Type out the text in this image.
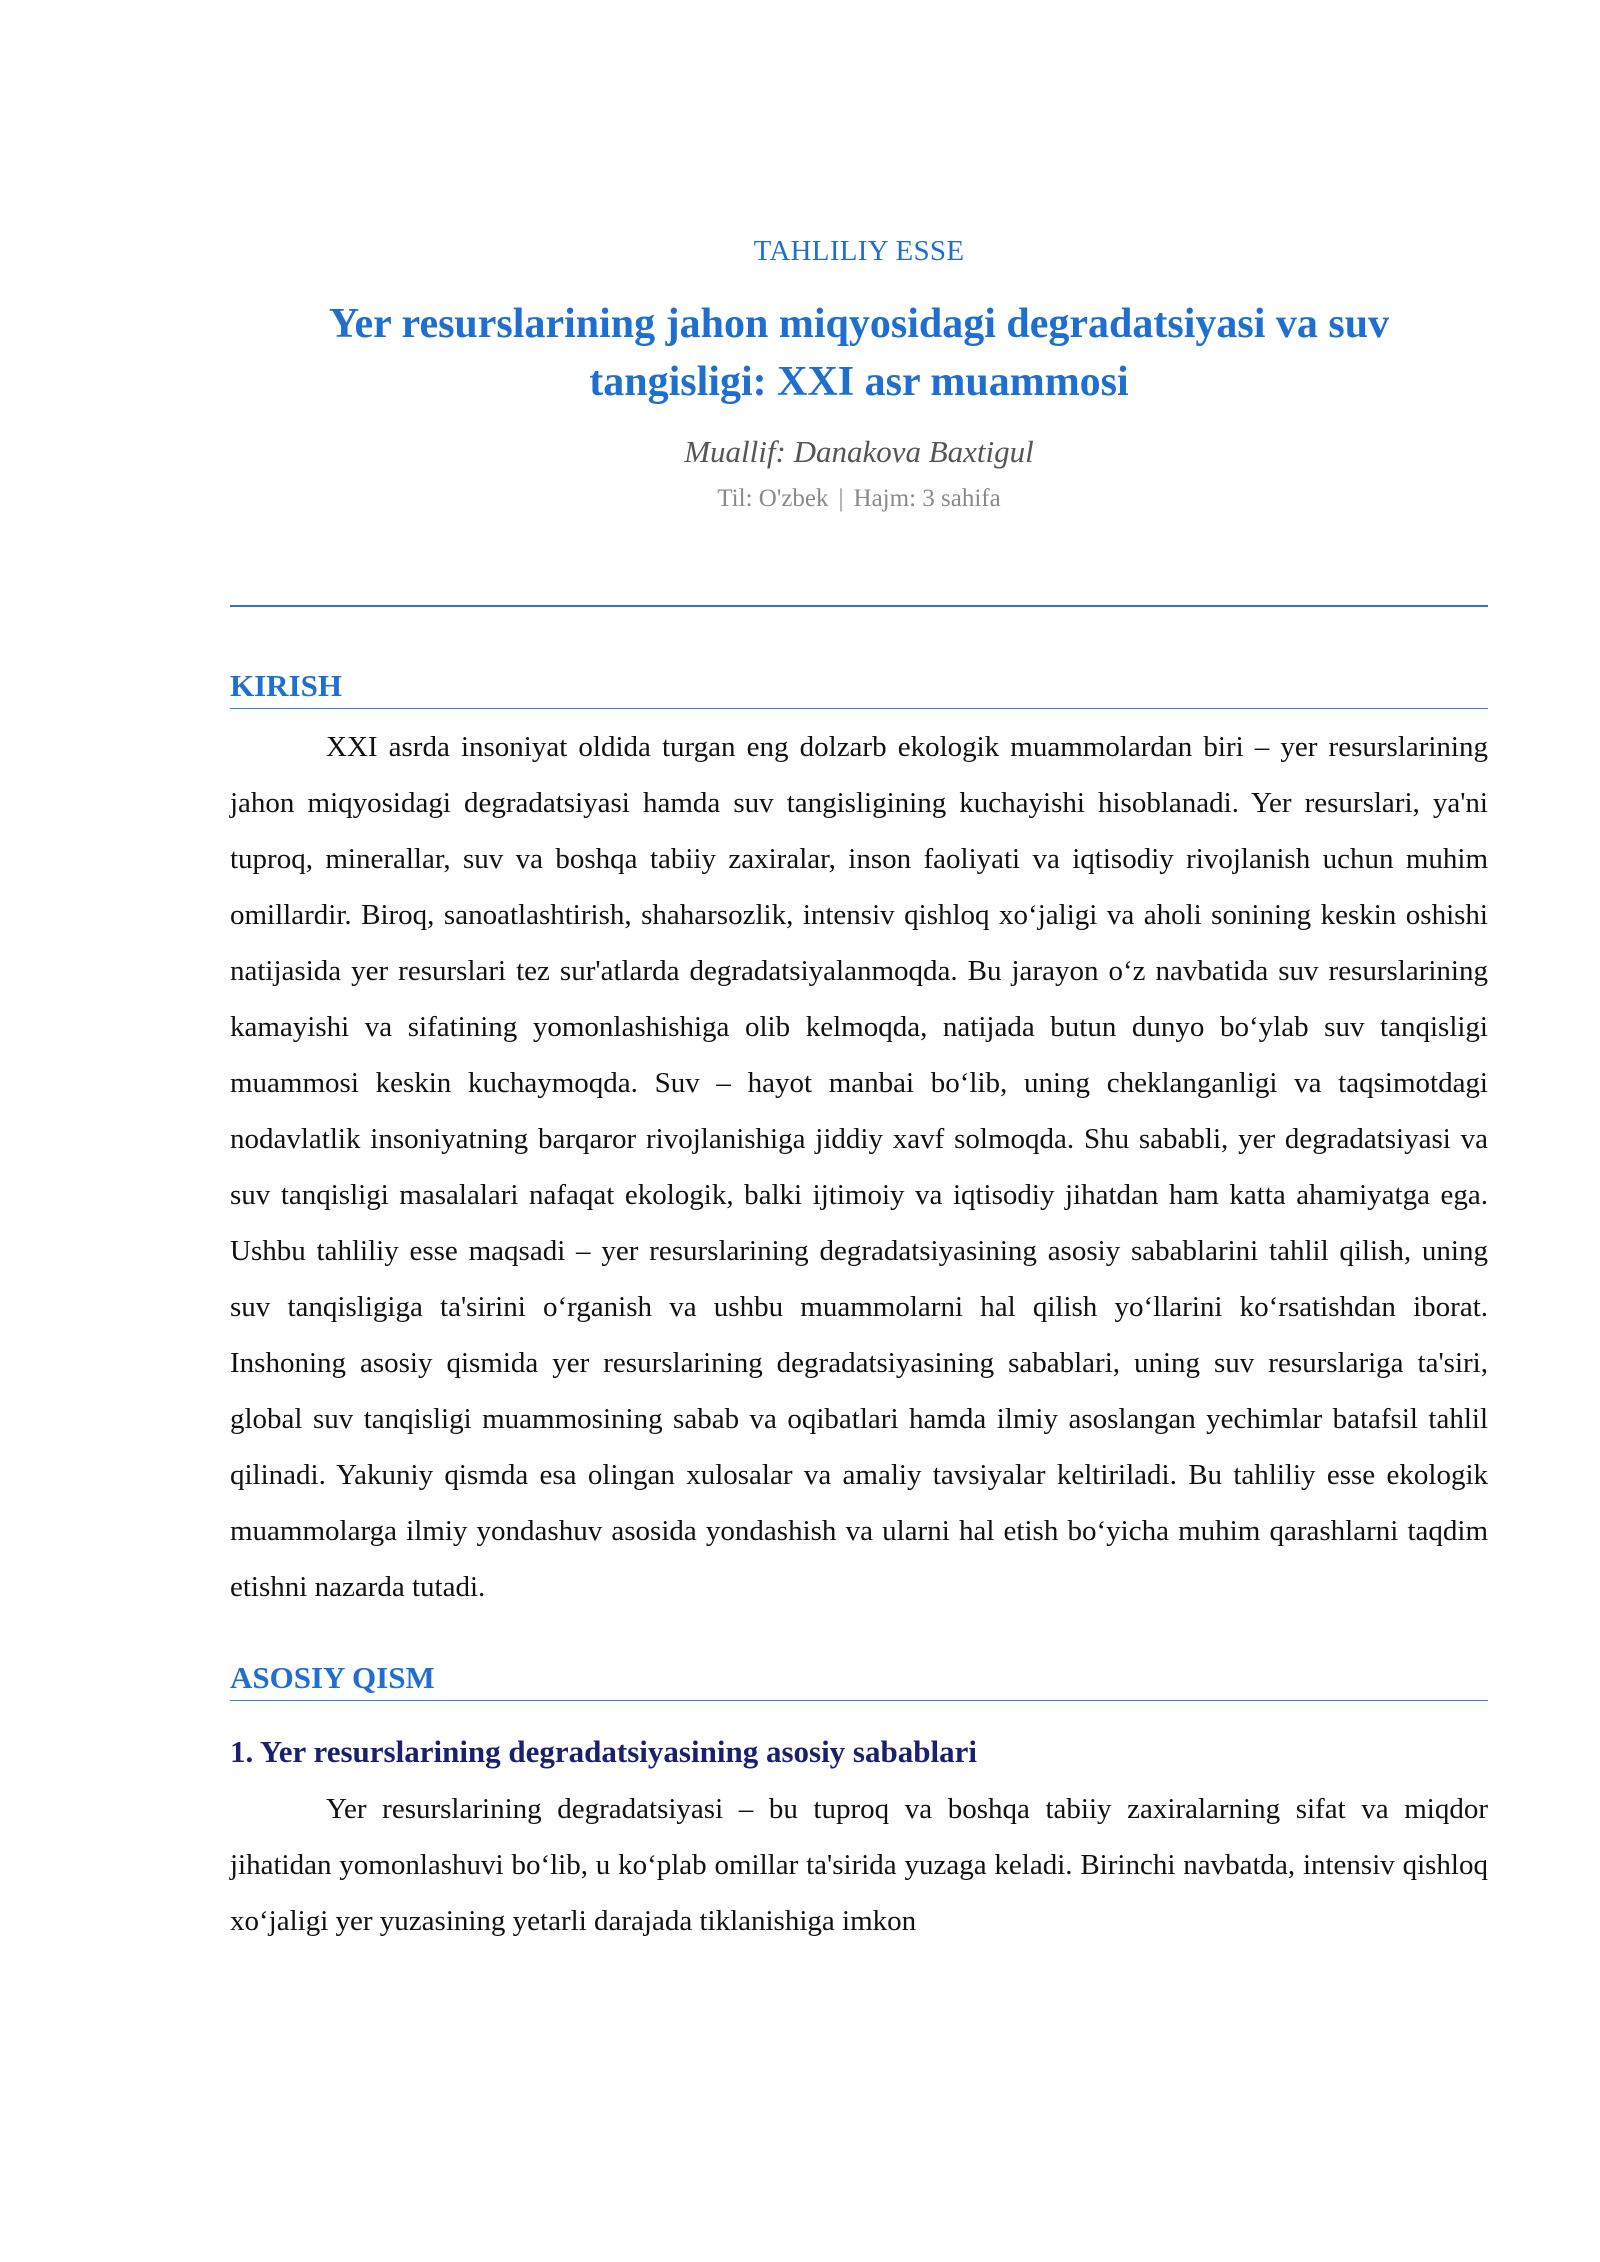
TAHLILIY ESSE
Yer resurslarining jahon miqyosidagi degradatsiyasi va suv tangisligi: XXI asr muammosi
Muallif: Danakova Baxtigul
Til: O'zbek | Hajm: 3 sahifa
KIRISH

XXI asrda insoniyat oldida turgan eng dolzarb ekologik muammolardan biri – yer resurslarining jahon miqyosidagi degradatsiyasi hamda suv tangisligining kuchayishi hisoblanadi. Yer resurslari, ya'ni tuproq, minerallar, suv va boshqa tabiiy zaxiralar, inson faoliyati va iqtisodiy rivojlanish uchun muhim omillardir. Biroq, sanoatlashtirish, shaharsozlik, intensiv qishloq xo‘jaligi va aholi sonining keskin oshishi natijasida yer resurslari tez sur'atlarda degradatsiyalanmoqda. Bu jarayon o‘z navbatida suv resurslarining kamayishi va sifatining yomonlashishiga olib kelmoqda, natijada butun dunyo bo‘ylab suv tanqisligi muammosi keskin kuchaymoqda. Suv – hayot manbai bo‘lib, uning cheklanganligi va taqsimotdagi nodavlatlik insoniyatning barqaror rivojlanishiga jiddiy xavf solmoqda. Shu sababli, yer degradatsiyasi va suv tanqisligi masalalari nafaqat ekologik, balki ijtimoiy va iqtisodiy jihatdan ham katta ahamiyatga ega. Ushbu tahliliy esse maqsadi – yer resurslarining degradatsiyasining asosiy sabablarini tahlil qilish, uning suv tanqisligiga ta'sirini o‘rganish va ushbu muammolarni hal qilish yo‘llarini ko‘rsatishdan iborat. Inshoning asosiy qismida yer resurslarining degradatsiyasining sabablari, uning suv resurslariga ta'siri, global suv tanqisligi muammosining sabab va oqibatlari hamda ilmiy asoslangan yechimlar batafsil tahlil qilinadi. Yakuniy qismda esa olingan xulosalar va amaliy tavsiyalar keltiriladi. Bu tahliliy esse ekologik muammolarga ilmiy yondashuv asosida yondashish va ularni hal etish bo‘yicha muhim qarashlarni taqdim etishni nazarda tutadi.

ASOSIY QISM
1. Yer resurslarining degradatsiyasining asosiy sabablari

Yer resurslarining degradatsiyasi – bu tuproq va boshqa tabiiy zaxiralarning sifat va miqdor jihatidan yomonlashuvi bo‘lib, u ko‘plab omillar ta'sirida yuzaga keladi. Birinchi navbatda, intensiv qishloq xo‘jaligi yer yuzasining yetarli darajada tiklanishiga imkon
